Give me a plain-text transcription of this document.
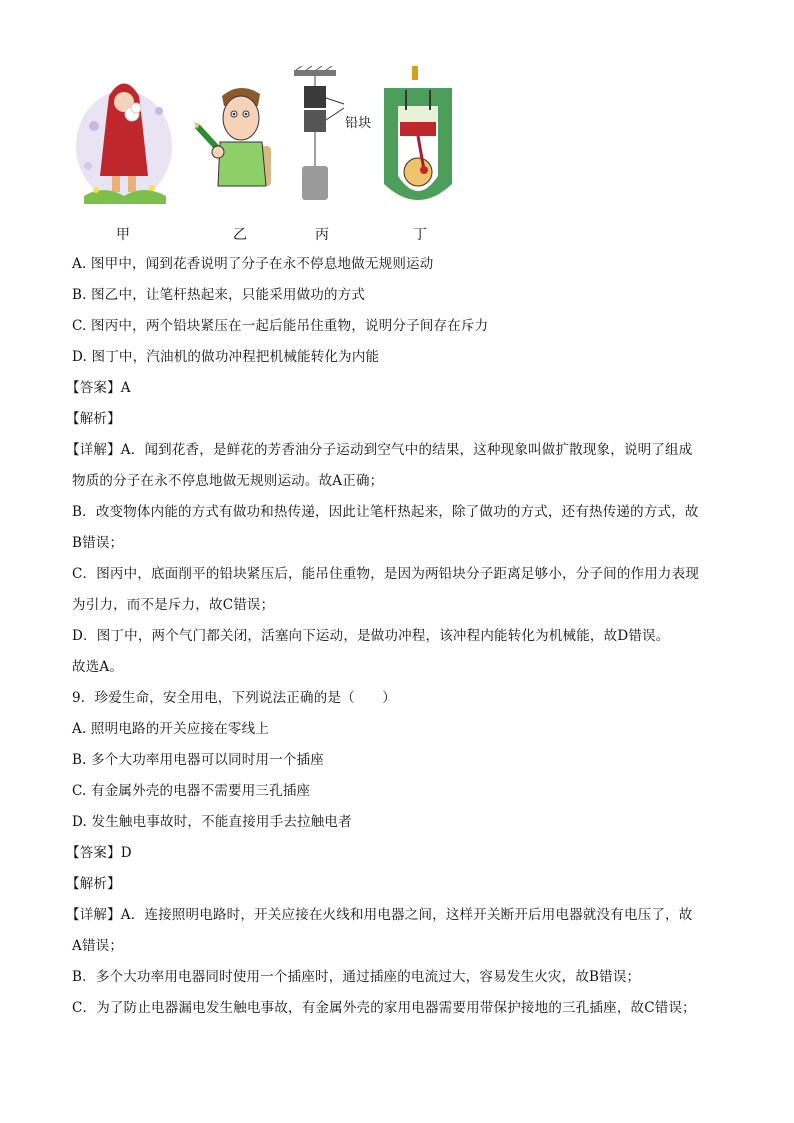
铅块
甲	乙	丙	丁
A. 图甲中，闻到花香说明了分子在永不停息地做无规则运动
B. 图乙中，让笔杆热起来，只能采用做功的方式
C. 图丙中，两个铅块紧压在一起后能吊住重物，说明分子间存在斥力
D. 图丁中，汽油机的做功冲程把机械能转化为内能
【答案】A
【解析】
【详解】A．闻到花香，是鲜花的芳香油分子运动到空气中的结果，这种现象叫做扩散现象，说明了组成
物质的分子在永不停息地做无规则运动。故A正确；
B．改变物体内能的方式有做功和热传递，因此让笔杆热起来，除了做功的方式，还有热传递的方式，故
B错误；
C．图丙中，底面削平的铅块紧压后，能吊住重物，是因为两铅块分子距离足够小，分子间的作用力表现
为引力，而不是斥力，故C错误；
D．图丁中，两个气门都关闭，活塞向下运动，是做功冲程，该冲程内能转化为机械能，故D错误。
故选A。
9．珍爱生命，安全用电，下列说法正确的是（　　）
A. 照明电路的开关应接在零线上
B. 多个大功率用电器可以同时用一个插座
C. 有金属外壳的电器不需要用三孔插座
D. 发生触电事故时，不能直接用手去拉触电者
【答案】D
【解析】
【详解】A．连接照明电路时，开关应接在火线和用电器之间，这样开关断开后用电器就没有电压了，故
A错误；
B．多个大功率用电器同时使用一个插座时，通过插座的电流过大，容易发生火灾，故B错误；
C．为了防止电器漏电发生触电事故，有金属外壳的家用电器需要用带保护接地的三孔插座，故C错误；
